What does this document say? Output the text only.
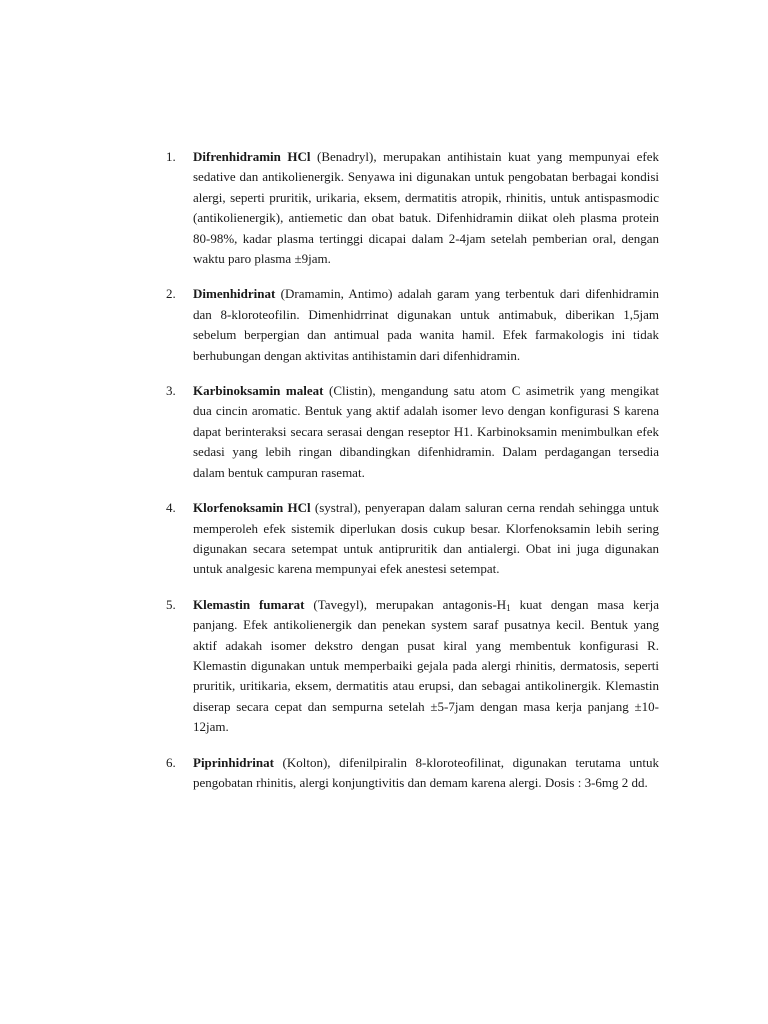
1. Difrenhidramin HCl (Benadryl), merupakan antihistain kuat yang mempunyai efek sedative dan antikolienergik. Senyawa ini digunakan untuk pengobatan berbagai kondisi alergi, seperti pruritik, urikaria, eksem, dermatitis atropik, rhinitis, untuk antispasmodic (antikolienergik), antiemetic dan obat batuk. Difenhidramin diikat oleh plasma protein 80-98%, kadar plasma tertinggi dicapai dalam 2-4jam setelah pemberian oral, dengan waktu paro plasma ±9jam.
2. Dimenhidrinat (Dramamin, Antimo) adalah garam yang terbentuk dari difenhidramin dan 8-kloroteofilin. Dimenhidrrinat digunakan untuk antimabuk, diberikan 1,5jam sebelum berpergian dan antimual pada wanita hamil. Efek farmakologis ini tidak berhubungan dengan aktivitas antihistamin dari difenhidramin.
3. Karbinoksamin maleat (Clistin), mengandung satu atom C asimetrik yang mengikat dua cincin aromatic. Bentuk yang aktif adalah isomer levo dengan konfigurasi S karena dapat berinteraksi secara serasai dengan reseptor H1. Karbinoksamin menimbulkan efek sedasi yang lebih ringan dibandingkan difenhidramin. Dalam perdagangan tersedia dalam bentuk campuran rasemat.
4. Klorfenoksamin HCl (systral), penyerapan dalam saluran cerna rendah sehingga untuk memperoleh efek sistemik diperlukan dosis cukup besar. Klorfenoksamin lebih sering digunakan secara setempat untuk antipruritik dan antialergi. Obat ini juga digunakan untuk analgesic karena mempunyai efek anestesi setempat.
5. Klemastin fumarat (Tavegyl), merupakan antagonis-$H_1$ kuat dengan masa kerja panjang. Efek antikolienergik dan penekan system saraf pusatnya kecil. Bentuk yang aktif adakah isomer dekstro dengan pusat kiral yang membentuk konfigurasi R. Klemastin digunakan untuk memperbaiki gejala pada alergi rhinitis, dermatosis, seperti pruritik, uritikaria, eksem, dermatitis atau erupsi, dan sebagai antikolinergik. Klemastin diserap secara cepat dan sempurna setelah ±5-7jam dengan masa kerja panjang ±10-12jam.
6. Piprinhidrinat (Kolton), difenilpiralin 8-kloroteofilinat, digunakan terutama untuk pengobatan rhinitis, alergi konjungtivitis dan demam karena alergi. Dosis : 3-6mg 2 dd.
